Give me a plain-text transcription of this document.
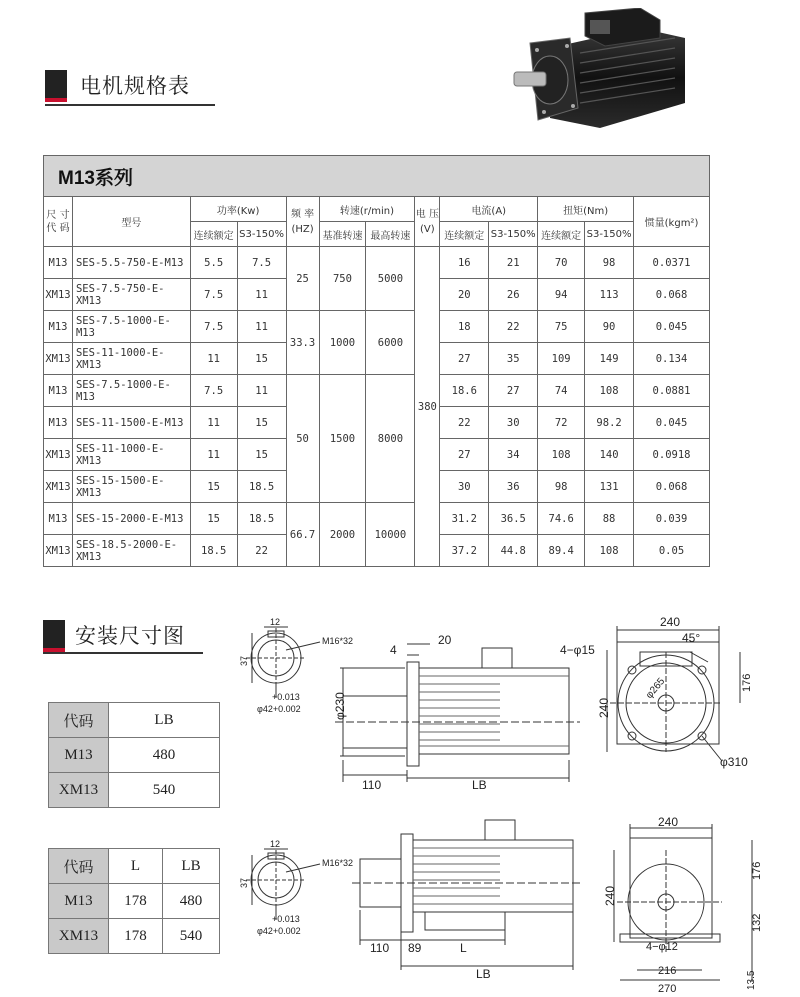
电机规格表
M13系列												
尺 寸
代 码	型号	功率(Kw)		频 率
(HZ)	转速(r/min)		电 压
(V)	电流(A)		扭矩(Nm)		惯量(kgm²)
		连续额定	S3-150%		基准转速	最高转速		连续额定	S3-150%	连续额定	S3-150%	
M13	SES-5.5-750-E-M13	5.5	7.5	25	750	5000	380	16	21	70	98	0.0371
XM13	SES-7.5-750-E-XM13	7.5	11					20	26	94	113	0.068
M13	SES-7.5-1000-E-M13	7.5	11	33.3	1000	6000		18	22	75	90	0.045
XM13	SES-11-1000-E-XM13	11	15					27	35	109	149	0.134
M13	SES-7.5-1000-E-M13	7.5	11	50	1500	8000		18.6	27	74	108	0.0881
M13	SES-11-1500-E-M13	11	15					22	30	72	98.2	0.045
XM13	SES-11-1000-E-XM13	11	15					27	34	108	140	0.0918
XM13	SES-15-1500-E-XM13	15	18.5					30	36	98	131	0.068
M13	SES-15-2000-E-M13	15	18.5	66.7	2000	10000		31.2	36.5	74.6	88	0.039
XM13	SES-18.5-2000-E-XM13	18.5	22					37.2	44.8	89.4	108	0.05
安装尺寸图
代码	LB
M13	480
XM13	540
代码	L	LB
M13	178	480
XM13	178	540
12
37
M16*32
+0.013
φ42+0.002
20
4
φ230
110	LB
240
4−φ15
45°
176
240
φ265
φ310
12
37
M16*32
+0.013
φ42+0.002
110 89	L
LB
240
240
176
132
4−φ12
216
270	13.5
